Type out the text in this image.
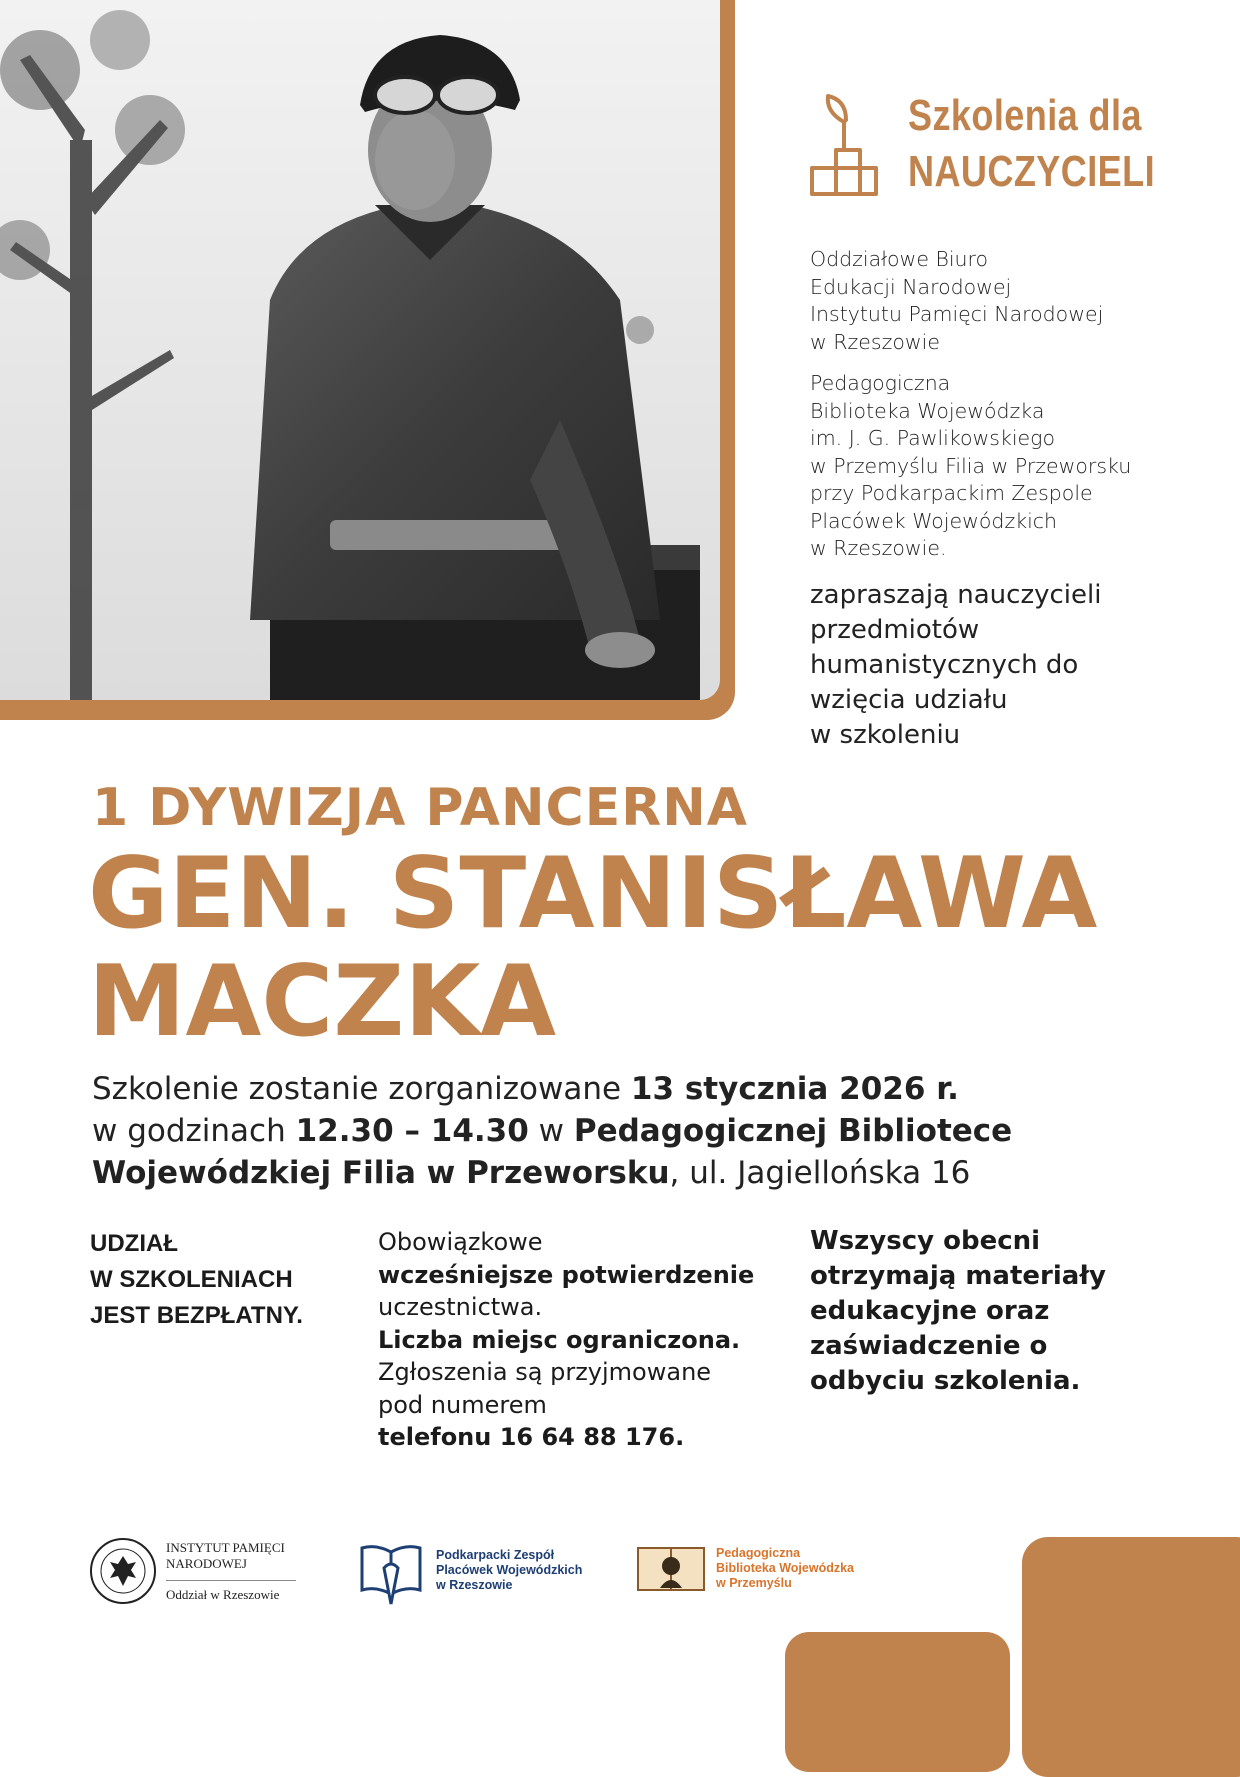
Szkolenia dla
NAUCZYCIELI
Oddziałowe Biuro
Edukacji Narodowej
Instytutu Pamięci Narodowej
w Rzeszowie
Pedagogiczna
Biblioteka Wojewódzka
im. J. G. Pawlikowskiego
w Przemyślu Filia w Przeworsku
przy Podkarpackim Zespole
Placówek Wojewódzkich
w Rzeszowie.
zapraszają nauczycieli
przedmiotów
humanistycznych do
wzięcia udziału
w szkoleniu
1 DYWIZJA PANCERNA
GEN. STANISŁAWA
MACZKA
Szkolenie zostanie zorganizowane 13 stycznia 2026 r.
w godzinach 12.30 – 14.30 w Pedagogicznej Bibliotece
Wojewódzkiej Filia w Przeworsku, ul. Jagiellońska 16
UDZIAŁ
W SZKOLENIACH
JEST BEZPŁATNY.
Obowiązkowe
wcześniejsze potwierdzenie
uczestnictwa.
Liczba miejsc ograniczona.
Zgłoszenia są przyjmowane
pod numerem
telefonu 16 64 88 176.
Wszyscy obecni
otrzymają materiały
edukacyjne oraz
zaświadczenie o
odbyciu szkolenia.
INSTYTUT PAMIĘCI
NARODOWEJ
Oddział w Rzeszowie
Podkarpacki Zespół
Placówek Wojewódzkich
w Rzeszowie
Pedagogiczna
Biblioteka Wojewódzka
w Przemyślu
